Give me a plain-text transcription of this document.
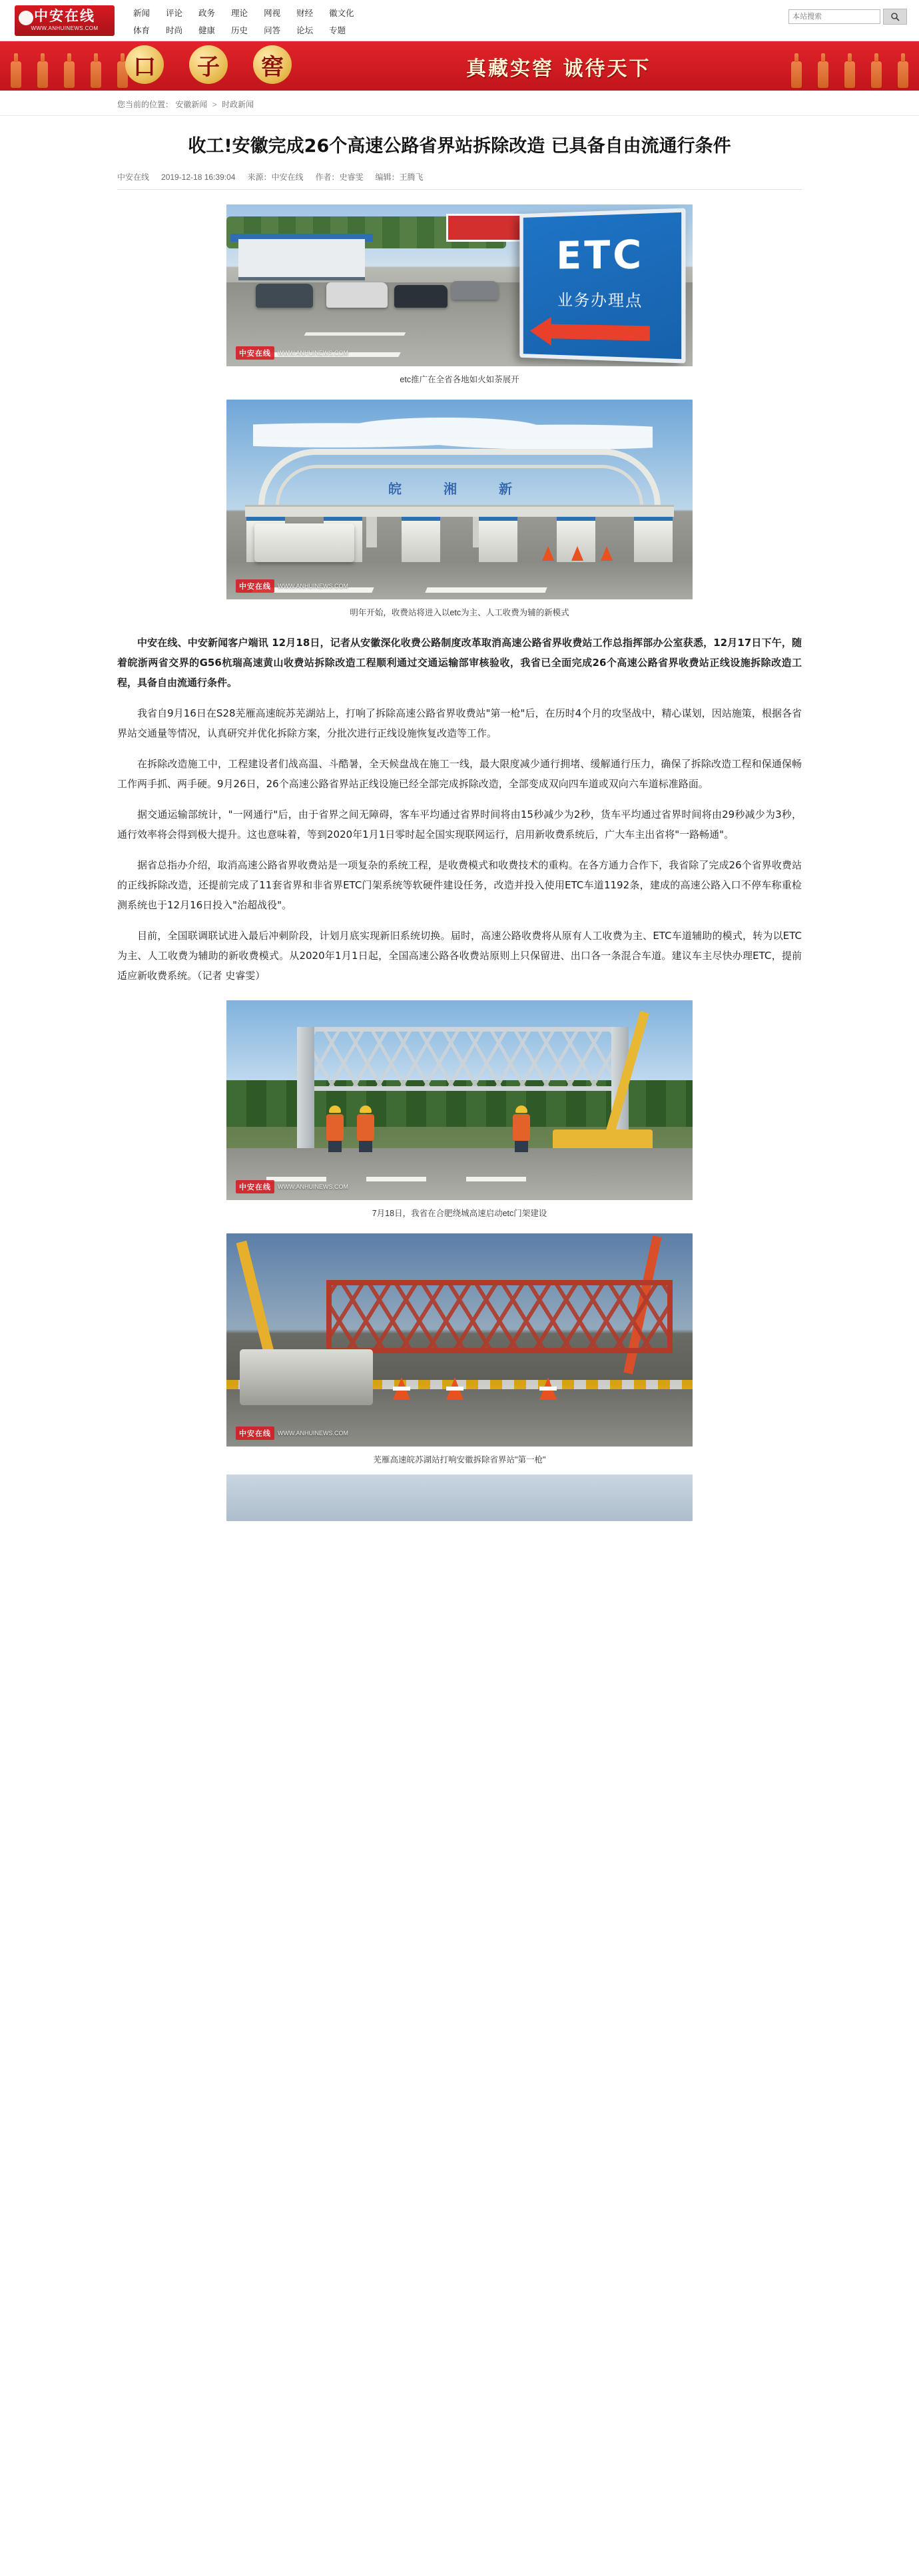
中安在线
WWW.ANHUINEWS.COM
新闻 评论 政务 理论 网视 财经 徽文化
体育 时尚 健康 历史 问答 论坛 专题
本站搜索
口	子	窖	真藏实窖 诚待天下
您当前的位置： 安徽新闻 > 时政新闻
收工!安徽完成26个高速公路省界站拆除改造 已具备自由流通行条件
中安在线 2019-12-18 16:39:04 来源：中安在线 作者：史睿雯 编辑：王腾飞
ETC
业务办理点
中安在线	WWW.ANHUINEWS.COM
etc推广在全省各地如火如荼展开
皖 湘 新
中安在线	WWW.ANHUINEWS.COM
明年开始，收费站将进入以etc为主、人工收费为辅的新模式

中安在线、中安新闻客户端讯 12月18日，记者从安徽深化收费公路制度改革取消高速公路省界收费站工作总指挥部办公室获悉，12月17日下午，随着皖浙两省交界的G56杭瑞高速黄山收费站拆除改造工程顺利通过交通运输部审核验收，我省已全面完成26个高速公路省界收费站正线设施拆除改造工程，具备自由流通行条件。

我省自9月16日在S28芜雁高速皖苏芜湖站上，打响了拆除高速公路省界收费站"第一枪"后，在历时4个月的攻坚战中，精心谋划，因站施策，根据各省界站交通量等情况，认真研究并优化拆除方案，分批次进行正线设施恢复改造等工作。

在拆除改造施工中，工程建设者们战高温、斗酷暑，全天候盘战在施工一线，最大限度减少通行拥堵、缓解通行压力，确保了拆除改造工程和保通保畅工作两手抓、两手硬。9月26日，26个高速公路省界站正线设施已经全部完成拆除改造，全部变成双向四车道或双向六车道标准路面。

据交通运输部统计，"一网通行"后，由于省界之间无障碍，客车平均通过省界时间将由15秒减少为2秒，货车平均通过省界时间将由29秒减少为3秒，通行效率将会得到极大提升。这也意味着，等到2020年1月1日零时起全国实现联网运行，启用新收费系统后，广大车主出省将"一路畅通"。

据省总指办介绍，取消高速公路省界收费站是一项复杂的系统工程，是收费模式和收费技术的重构。在各方通力合作下，我省除了完成26个省界收费站的正线拆除改造，还提前完成了11套省界和非省界ETC门架系统等软硬件建设任务，改造并投入使用ETC车道1192条，建成的高速公路入口不停车称重检测系统也于12月16日投入"治超战役"。

目前，全国联调联试进入最后冲刺阶段，计划月底实现新旧系统切换。届时，高速公路收费将从原有人工收费为主、ETC车道辅助的模式，转为以ETC为主、人工收费为辅助的新收费模式。从2020年1月1日起，全国高速公路各收费站原则上只保留进、出口各一条混合车道。建议车主尽快办理ETC，提前适应新收费系统。（记者 史睿雯）

中安在线	WWW.ANHUINEWS.COM
7月18日，我省在合肥绕城高速启动etc门架建设
中安在线	WWW.ANHUINEWS.COM
芜雁高速皖苏湖站打响安徽拆除省界站"第一枪"
